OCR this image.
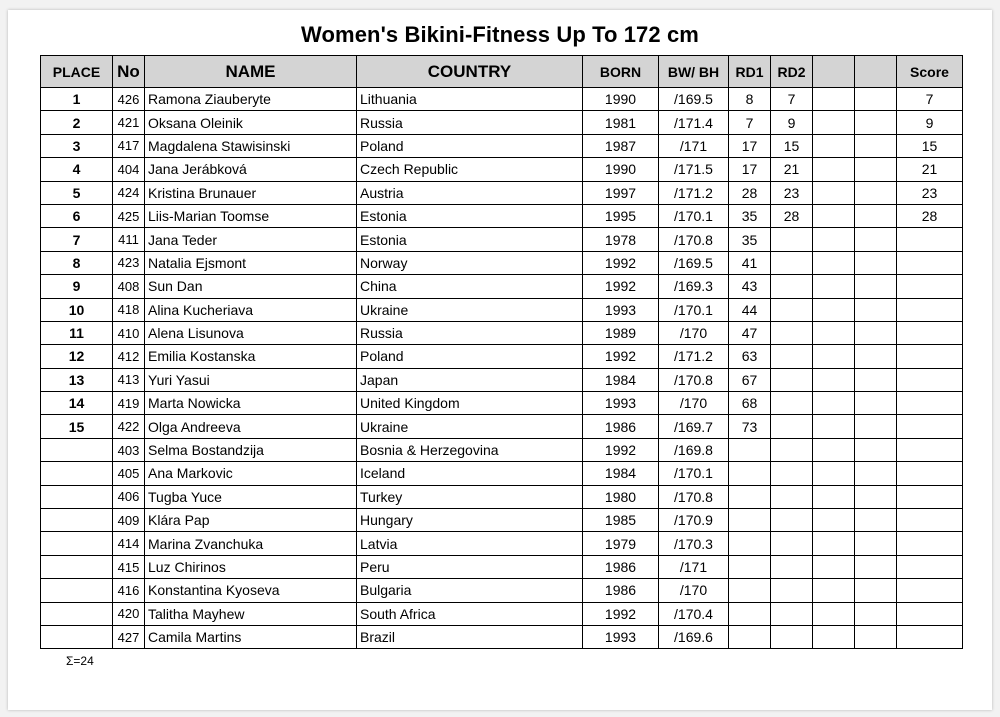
Women's Bikini-Fitness Up To 172 cm
PLACE	No	NAME	COUNTRY	BORN	BW/ BH	RD1	RD2			Score
1	426	Ramona Ziauberyte	Lithuania	1990	/169.5	8	7			7
2	421	Oksana Oleinik	Russia	1981	/171.4	7	9			9
3	417	Magdalena Stawisinski	Poland	1987	/171	17	15			15
4	404	Jana Jerábková	Czech Republic	1990	/171.5	17	21			21
5	424	Kristina Brunauer	Austria	1997	/171.2	28	23			23
6	425	Liis-Marian Toomse	Estonia	1995	/170.1	35	28			28
7	411	Jana Teder	Estonia	1978	/170.8	35				
8	423	Natalia Ejsmont	Norway	1992	/169.5	41				
9	408	Sun Dan	China	1992	/169.3	43				
10	418	Alina Kucheriava	Ukraine	1993	/170.1	44				
11	410	Alena Lisunova	Russia	1989	/170	47				
12	412	Emilia Kostanska	Poland	1992	/171.2	63				
13	413	Yuri Yasui	Japan	1984	/170.8	67				
14	419	Marta Nowicka	United Kingdom	1993	/170	68				
15	422	Olga Andreeva	Ukraine	1986	/169.7	73				
	403	Selma Bostandzija	Bosnia & Herzegovina	1992	/169.8					
	405	Ana Markovic	Iceland	1984	/170.1					
	406	Tugba Yuce	Turkey	1980	/170.8					
	409	Klára Pap	Hungary	1985	/170.9					
	414	Marina Zvanchuka	Latvia	1979	/170.3					
	415	Luz Chirinos	Peru	1986	/171					
	416	Konstantina Kyoseva	Bulgaria	1986	/170					
	420	Talitha Mayhew	South Africa	1992	/170.4					
	427	Camila Martins	Brazil	1993	/169.6					
Σ=24
